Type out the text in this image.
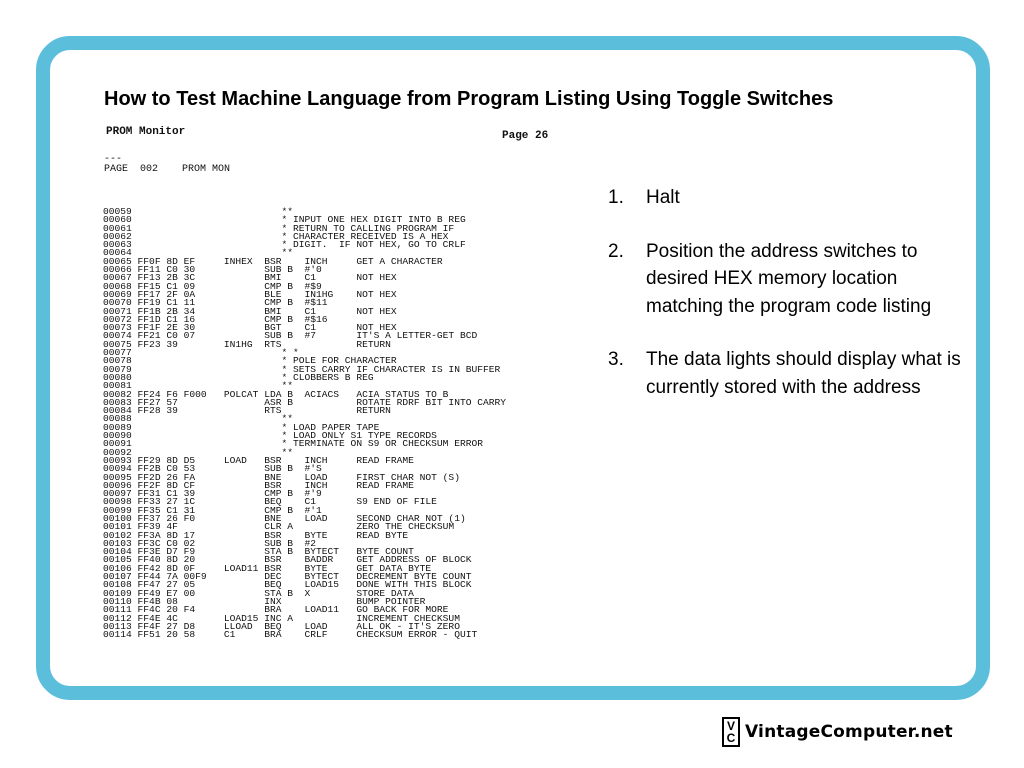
How to Test Machine Language from Program Listing Using Toggle Switches
PROM Monitor	Page 26
---
PAGE  002    PROM MON
00059                          **
00060                          * INPUT ONE HEX DIGIT INTO B REG
00061                          * RETURN TO CALLING PROGRAM IF
00062                          * CHARACTER RECEIVED IS A HEX
00063                          * DIGIT.  IF NOT HEX, GO TO CRLF
00064                          **
00065 FF0F 8D EF     INHEX  BSR    INCH     GET A CHARACTER
00066 FF11 C0 30            SUB B  #'0
00067 FF13 2B 3C            BMI    C1       NOT HEX
00068 FF15 C1 09            CMP B  #$9
00069 FF17 2F 0A            BLE    IN1HG    NOT HEX
00070 FF19 C1 11            CMP B  #$11
00071 FF1B 2B 34            BMI    C1       NOT HEX
00072 FF1D C1 16            CMP B  #$16
00073 FF1F 2E 30            BGT    C1       NOT HEX
00074 FF21 C0 07            SUB B  #7       IT'S A LETTER-GET BCD
00075 FF23 39        IN1HG  RTS             RETURN
00077                          * *
00078                          * POLE FOR CHARACTER
00079                          * SETS CARRY IF CHARACTER IS IN BUFFER
00080                          * CLOBBERS B REG
00081                          **
00082 FF24 F6 F000   POLCAT LDA B  ACIACS   ACIA STATUS TO B
00083 FF27 57               ASR B           ROTATE RDRF BIT INTO CARRY
00084 FF28 39               RTS             RETURN
00088                          **
00089                          * LOAD PAPER TAPE
00090                          * LOAD ONLY S1 TYPE RECORDS
00091                          * TERMINATE ON S9 OR CHECKSUM ERROR
00092                          **
00093 FF29 8D D5     LOAD   BSR    INCH     READ FRAME
00094 FF2B C0 53            SUB B  #'S
00095 FF2D 26 FA            BNE    LOAD     FIRST CHAR NOT (S)
00096 FF2F 8D CF            BSR    INCH     READ FRAME
00097 FF31 C1 39            CMP B  #'9
00098 FF33 27 1C            BEQ    C1       S9 END OF FILE
00099 FF35 C1 31            CMP B  #'1
00100 FF37 26 F0            BNE    LOAD     SECOND CHAR NOT (1)
00101 FF39 4F               CLR A           ZERO THE CHECKSUM
00102 FF3A 8D 17            BSR    BYTE     READ BYTE
00103 FF3C C0 02            SUB B  #2
00104 FF3E D7 F9            STA B  BYTECT   BYTE COUNT
00105 FF40 8D 20            BSR    BADDR    GET ADDRESS OF BLOCK
00106 FF42 8D 0F     LOAD11 BSR    BYTE     GET DATA BYTE
00107 FF44 7A 00F9          DEC    BYTECT   DECREMENT BYTE COUNT
00108 FF47 27 05            BEQ    LOAD15   DONE WITH THIS BLOCK
00109 FF49 E7 00            STA B  X        STORE DATA
00110 FF4B 08               INX             BUMP POINTER
00111 FF4C 20 F4            BRA    LOAD11   GO BACK FOR MORE
00112 FF4E 4C        LOAD15 INC A           INCREMENT CHECKSUM
00113 FF4F 27 D8     LLOAD  BEQ    LOAD     ALL OK - IT'S ZERO
00114 FF51 20 58     C1     BRA    CRLF     CHECKSUM ERROR - QUIT
1.	Halt
2.	Position the address switches to desired HEX memory location matching the program code listing
3.	The data lights should display what is currently stored with the address
V
C VintageComputer.net
